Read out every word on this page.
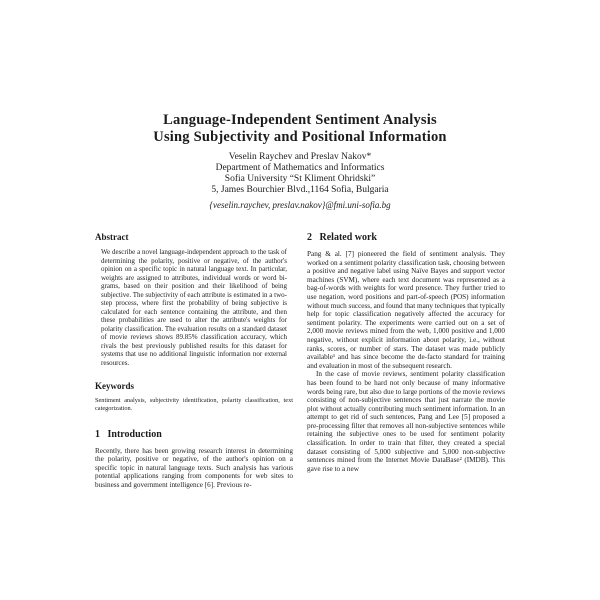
Language-Independent Sentiment Analysis
Using Subjectivity and Positional Information
Veselin Raychev and Preslav Nakov*
Department of Mathematics and Informatics
Sofia University “St Kliment Ohridski”
5, James Bourchier Blvd.,1164 Sofia, Bulgaria
{veselin.raychev, preslav.nakov}@fmi.uni-sofia.bg
Abstract
We describe a novel language-independent approach to the task of determining the polarity, positive or negative, of the author's opinion on a specific topic in natural language text. In particular, weights are assigned to attributes, individual words or word bi-grams, based on their position and their likelihood of being subjective. The subjectivity of each attribute is estimated in a two-step process, where first the probability of being subjective is calculated for each sentence containing the attribute, and then these probabilities are used to alter the attribute's weights for polarity classification. The evaluation results on a standard dataset of movie reviews shows 89.85% classification accuracy, which rivals the best previously published results for this dataset for systems that use no additional linguistic information nor external resources.
Keywords
Sentiment analysis, subjectivity identification, polarity classification, text categorization.
1   Introduction
Recently, there has been growing research interest in determining the polarity, positive or negative, of the author's opinion on a specific topic in natural language texts. Such analysis has various potential applications ranging from components for web sites to business and government intelligence [6]. Previous re-
2   Related work
Pang & al. [7] pioneered the field of sentiment analysis. They worked on a sentiment polarity classification task, choosing between a positive and negative label using Naïve Bayes and support vector machines (SVM), where each text document was represented as a bag-of-words with weights for word presence. They further tried to use negation, word positions and part-of-speech (POS) information without much success, and found that many techniques that typically help for topic classification negatively affected the accuracy for sentiment polarity. The experiments were carried out on a set of 2,000 movie reviews mined from the web, 1,000 positive and 1,000 negative, without explicit information about polarity, i.e., without ranks, scores, or number of stars. The dataset was made publicly available¹ and has since become the de-facto standard for training and evaluation in most of the subsequent research.
In the case of movie reviews, sentiment polarity classification has been found to be hard not only because of many informative words being rare, but also due to large portions of the movie reviews consisting of non-subjective sentences that just narrate the movie plot without actually contributing much sentiment information. In an attempt to get rid of such sentences, Pang and Lee [5] proposed a pre-processing filter that removes all non-subjective sentences while retaining the subjective ones to be used for sentiment polarity classification. In order to train that filter, they created a special dataset consisting of 5,000 subjective and 5,000 non-subjective sentences mined from the Internet Movie DataBase² (IMDB). This gave rise to a new
